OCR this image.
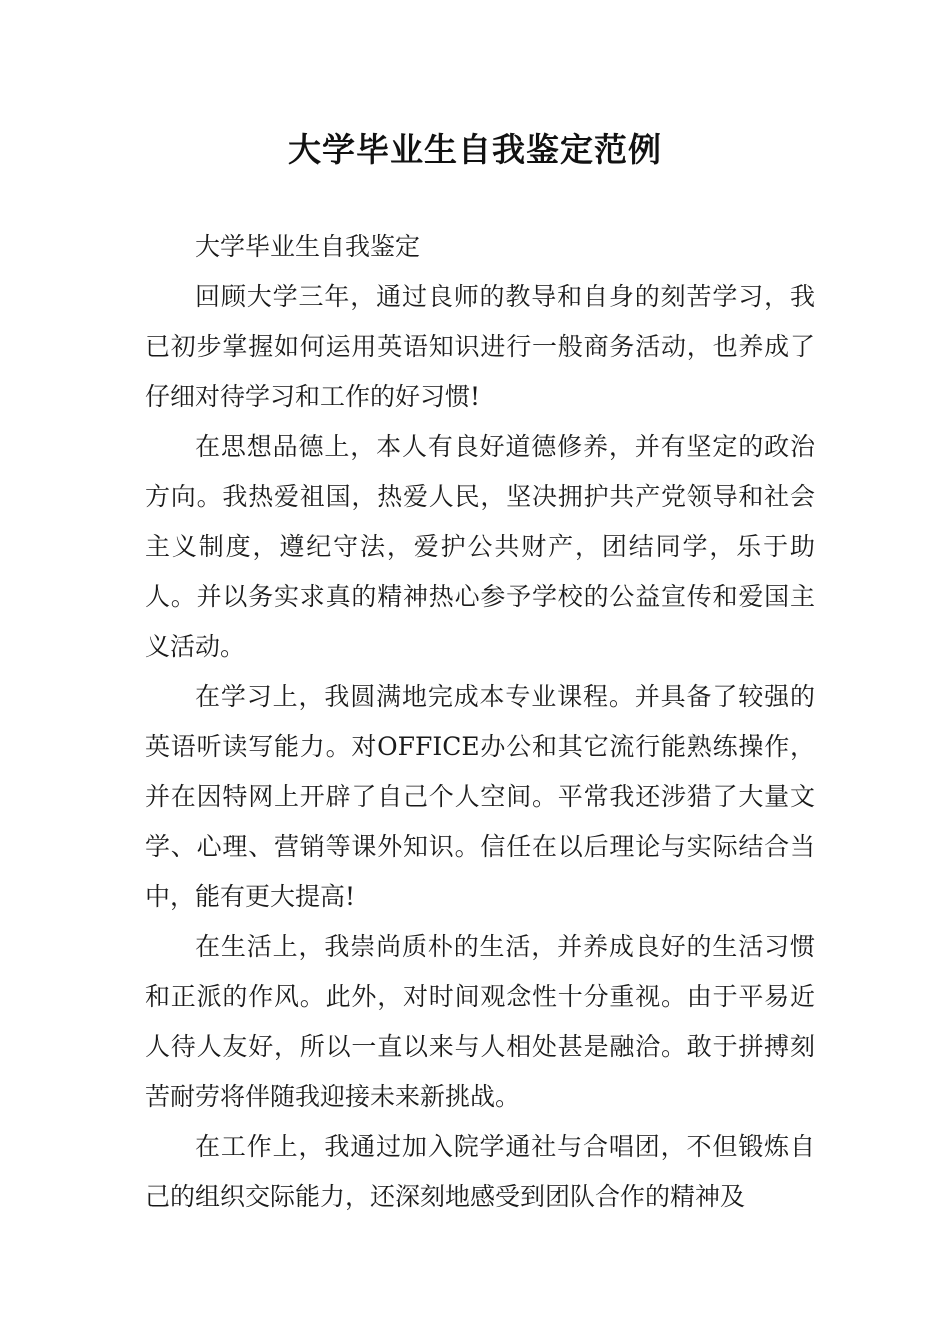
大学毕业生自我鉴定范例

大学毕业生自我鉴定

回顾大学三年，通过良师的教导和自身的刻苦学习，我已初步掌握如何运用英语知识进行一般商务活动，也养成了仔细对待学习和工作的好习惯!

在思想品德上，本人有良好道德修养，并有坚定的政治方向。我热爱祖国，热爱人民，坚决拥护共产党领导和社会主义制度，遵纪守法，爱护公共财产，团结同学，乐于助人。并以务实求真的精神热心参予学校的公益宣传和爱国主义活动。

在学习上，我圆满地完成本专业课程。并具备了较强的英语听读写能力。对OFFICE办公和其它流行能熟练操作，并在因特网上开辟了自己个人空间。平常我还涉猎了大量文学、心理、营销等课外知识。信任在以后理论与实际结合当中，能有更大提高!

在生活上，我崇尚质朴的生活，并养成良好的生活习惯和正派的作风。此外，对时间观念性十分重视。由于平易近人待人友好，所以一直以来与人相处甚是融洽。敢于拼搏刻苦耐劳将伴随我迎接未来新挑战。

在工作上，我通过加入院学通社与合唱团，不但锻炼自己的组织交际能力，还深刻地感受到团队合作的精神及
